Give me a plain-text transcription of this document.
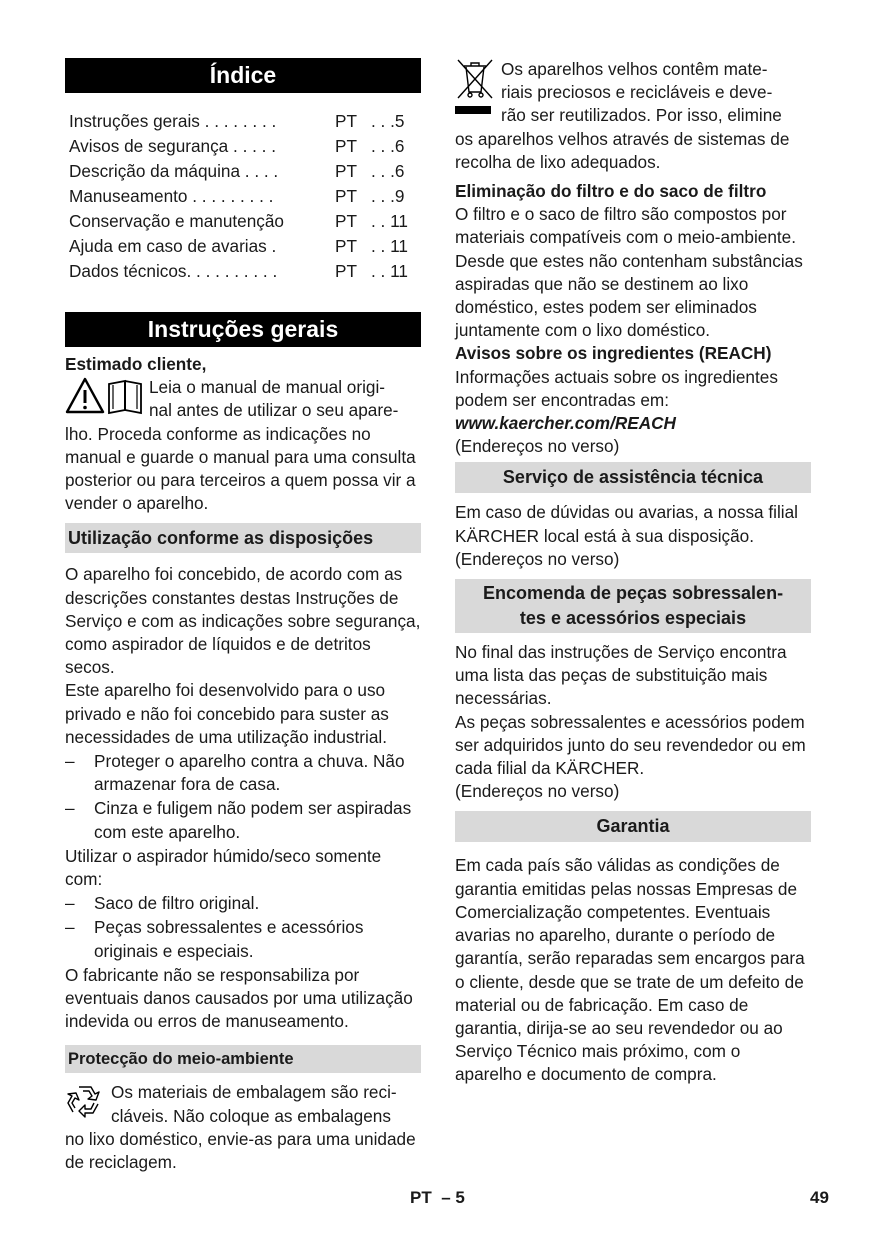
Índice
Instruções gerais . . . . . . . .	PT . . .5
Avisos de segurança . . . . .	PT . . .6
Descrição da máquina . . . .	PT . . .6
Manuseamento . . . . . . . . .	PT . . .9
Conservação e manutenção	PT . . 11
Ajuda em caso de avarias .	PT . . 11
Dados técnicos. . . . . . . . . .	PT . . 11
Instruções gerais

Estimado cliente,

Leia o manual de manual origi-

nal antes de utilizar o seu apare-

lho. Proceda conforme as indicações no manual e guarde o manual para uma consulta posterior ou para terceiros a quem possa vir a vender o aparelho.

Utilização conforme as disposições

O aparelho foi concebido, de acordo com as descrições constantes destas Instruções de Serviço e com as indicações sobre segurança, como aspirador de líquidos e de detritos secos.

Este aparelho foi desenvolvido para o uso privado e não foi concebido para suster as necessidades de uma utilização industrial.

–	Proteger o aparelho contra a chuva. Não armazenar fora de casa.
–	Cinza e fuligem não podem ser aspiradas com este aparelho.

Utilizar o aspirador húmido/seco somente com:

–	Saco de filtro original.
–	Peças sobressalentes e acessórios originais e especiais.

O fabricante não se responsabiliza por eventuais danos causados por uma utilização indevida ou erros de manuseamento.

Protecção do meio-ambiente

Os materiais de embalagem são reci-

cláveis. Não coloque as embalagens

no lixo doméstico, envie-as para uma unidade de reciclagem.

Os aparelhos velhos contêm mate-

riais preciosos e recicláveis e deve-

rão ser reutilizados. Por isso, elimine

os aparelhos velhos através de sistemas de recolha de lixo adequados.

Eliminação do filtro e do saco de filtro

O filtro e o saco de filtro são compostos por materiais compatíveis com o meio-ambiente.

Desde que estes não contenham substâncias aspiradas que não se destinem ao lixo doméstico, estes podem ser eliminados juntamente com o lixo doméstico.

Avisos sobre os ingredientes (REACH)

Informações actuais sobre os ingredientes podem ser encontradas em:

www.kaercher.com/REACH

(Endereços no verso)

Serviço de assistência técnica

Em caso de dúvidas ou avarias, a nossa filial KÄRCHER local está à sua disposição.

(Endereços no verso)

Encomenda de peças sobressalen-
tes e acessórios especiais

No final das instruções de Serviço encontra uma lista das peças de substituição mais necessárias.

As peças sobressalentes e acessórios podem ser adquiridos junto do seu revendedor ou em cada filial da KÄRCHER.

(Endereços no verso)

Garantia

Em cada país são válidas as condições de garantia emitidas pelas nossas Empresas de Comercialização competentes. Eventuais avarias no aparelho, durante o período de garantía, serão reparadas sem encargos para o cliente, desde que se trate de um defeito de material ou de fabricação. Em caso de garantia, dirija-se ao seu revendedor ou ao Serviço Técnico mais próximo, com o aparelho e documento de compra.

PT – 5	49
